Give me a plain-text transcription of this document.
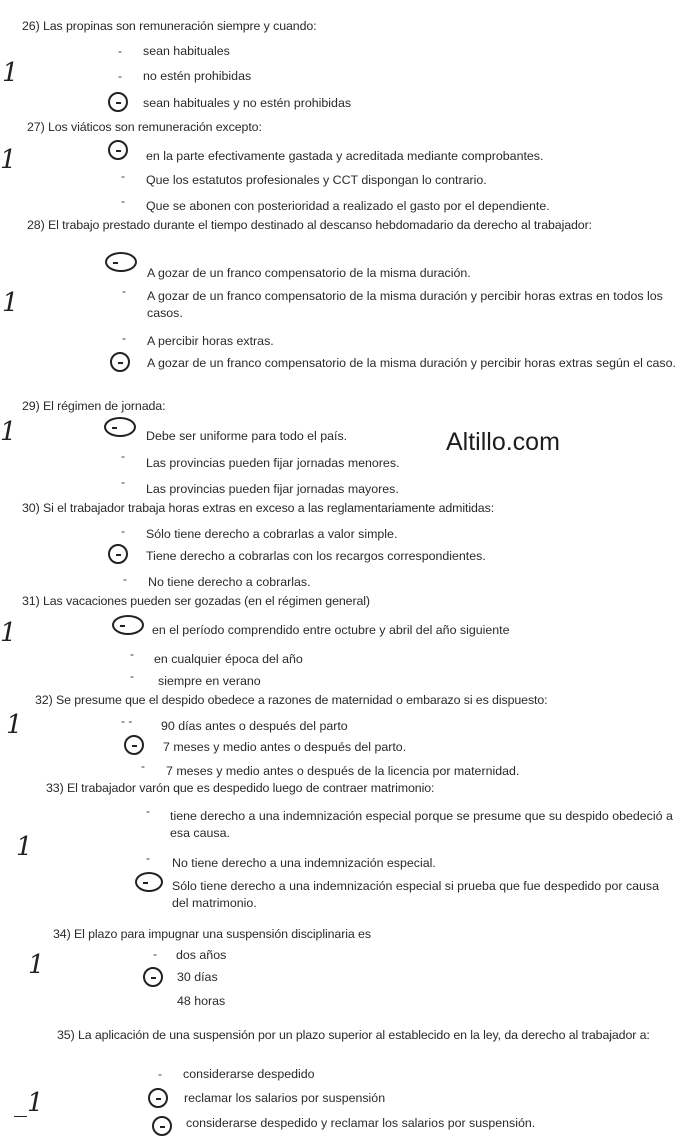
Altillo.com
26) Las propinas son remuneración siempre y cuando:
1
- sean habituales
- no estén prohibidas
sean habituales y no estén prohibidas
27) Los viáticos son remuneración excepto:
1	en la parte efectivamente gastada y acreditada mediante comprobantes.
- Que los estatutos profesionales y CCT dispongan lo contrario.
- Que se abonen con posterioridad a realizado el gasto por el dependiente.
28) El trabajo prestado durante el tiempo destinado al descanso hebdomadario da derecho al trabajador:
1
A gozar de un franco compensatorio de la misma duración.
- A gozar de un franco compensatorio de la misma duración y percibir horas extras en todos los casos.
- A percibir horas extras.
A gozar de un franco compensatorio de la misma duración y percibir horas extras según el caso.
29) El régimen de jornada:
1	Debe ser uniforme para todo el país.
- Las provincias pueden fijar jornadas menores.
- Las provincias pueden fijar jornadas mayores.
30) Si el trabajador trabaja horas extras en exceso a las reglamentariamente admitidas:
- Sólo tiene derecho a cobrarlas a valor simple.
Tiene derecho a cobrarlas con los recargos correspondientes.
- No tiene derecho a cobrarlas.
31) Las vacaciones pueden ser gozadas (en el régimen general)
1	en el período comprendido entre octubre y abril del año siguiente
- en cualquier época del año
- siempre en verano
32) Se presume que el despido obedece a razones de maternidad o embarazo si es dispuesto:
1	- - 90 días antes o después del parto
7 meses y medio antes o después del parto.
- 7 meses y medio antes o después de la licencia por maternidad.
33) El trabajador varón que es despedido luego de contraer matrimonio:
1
- tiene derecho a una indemnización especial porque se presume que su despido obedeció a esa causa.
- No tiene derecho a una indemnización especial.
Sólo tiene derecho a una indemnización especial si prueba que fue despedido por causa del matrimonio.
34) El plazo para impugnar una suspensión disciplinaria es
1	- dos años
30 días
48 horas
35) La aplicación de una suspensión por un plazo superior al establecido en la ley, da derecho al trabajador a:
_1
- considerarse despedido
reclamar los salarios por suspensión
considerarse despedido y reclamar los salarios por suspensión.
